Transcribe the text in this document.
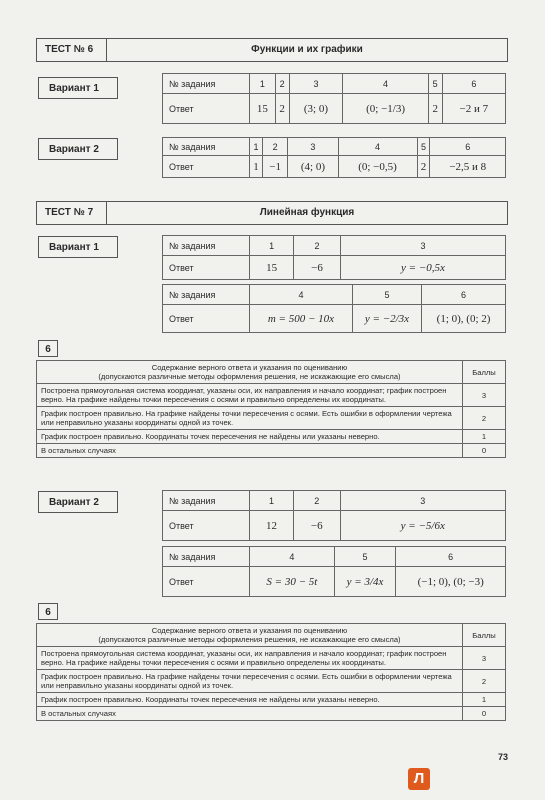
ТЕСТ № 6	Функции и их графики
Вариант 1	№ задания	1	2	3	4	5	6
Ответ	15	2	(3; 0)	(0; −1/3)	2	−2 и 7
Вариант 2	№ задания	1	2	3	4	5	6
Ответ	1	−1	(4; 0)	(0; −0,5)	2	−2,5 и 8
ТЕСТ № 7	Линейная функция
Вариант 1	№ задания	1	2	3
Ответ	15	−6	y = −0,5x
№ задания	4	5	6
Ответ	m = 500 − 10x	y = −2/3x	(1; 0), (0; 2)
6
Содержание верного ответа и указания по оцениванию
(допускаются различные методы оформления решения, не искажающие его смысла)	Баллы
Построена прямоугольная система координат, указаны оси, их направления и начало координат; график построен верно. На графике найдены точки пересечения с осями и правильно определены их координаты.	3
График построен правильно. На графике найдены точки пересечения с осями. Есть ошибки в оформлении чертежа или неправильно указаны координаты одной из точек.	2
График построен правильно. Координаты точек пересечения не найдены или указаны неверно.	1
В остальных случаях	0
Вариант 2	№ задания	1	2	3
Ответ	12	−6	y = −5/6x
№ задания	4	5	6
Ответ	S = 30 − 5t	y = 3/4x	(−1; 0), (0; −3)
6
Содержание верного ответа и указания по оцениванию
(допускаются различные методы оформления решения, не искажающие его смысла)	Баллы
Построена прямоугольная система координат, указаны оси, их направления и начало координат; график построен верно. На графике найдены точки пересечения с осями и правильно определены их координаты.	3
График построен правильно. На графике найдены точки пересечения с осями. Есть ошибки в оформлении чертежа или неправильно указаны координаты одной из точек.	2
График построен правильно. Координаты точек пересечения не найдены или указаны неверно.	1
В остальных случаях	0
73
Л
